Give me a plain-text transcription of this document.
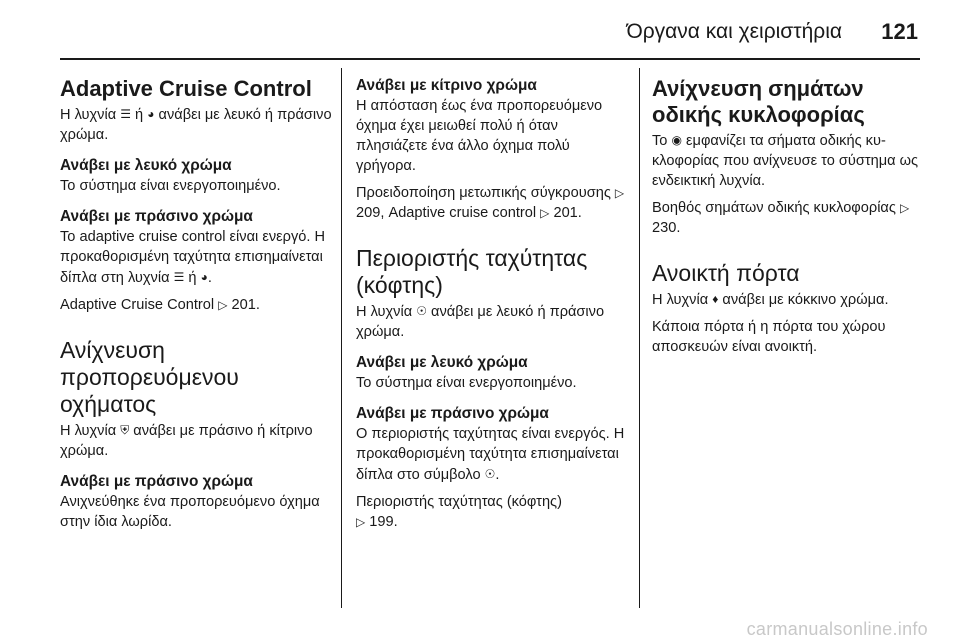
Όργανα και χειριστήρια 121
Adaptive Cruise Control

Η λυχνία ☰ ή ◕ ανάβει με λευκό ή πράσινο χρώμα.

Ανάβει με λευκό χρώμα

Το σύστημα είναι ενεργοποιημένο.

Ανάβει με πράσινο χρώμα

Το adaptive cruise control είναι ενεργό. Η προκαθορισμένη ταχύτητα επισημαίνεται δίπλα στη λυχνία ☰ ή ◕.

Adaptive Cruise Control ▷ 201.

Ανίχνευση προπορευόμενου οχήματος

Η λυχνία ⛨ ανάβει με πράσινο ή κίτρινο χρώμα.

Ανάβει με πράσινο χρώμα

Ανιχνεύθηκε ένα προπορευόμενο όχημα στην ίδια λωρίδα.

Ανάβει με κίτρινο χρώμα

Η απόσταση έως ένα προπορευόμενο όχημα έχει μειωθεί πολύ ή όταν πλησιάζετε ένα άλλο όχημα πολύ γρήγορα.

Προειδοποίηση μετωπικής σύγκρουσης ▷ 209, Adaptive cruise control ▷ 201.

Περιοριστής ταχύτητας (κόφτης)

Η λυχνία ☉ ανάβει με λευκό ή πράσινο χρώμα.

Ανάβει με λευκό χρώμα

Το σύστημα είναι ενεργοποιημένο.

Ανάβει με πράσινο χρώμα

Ο περιοριστής ταχύτητας είναι ενεργός. Η προκαθορισμένη ταχύτητα επισημαίνεται δίπλα στο σύμβολο ☉.

Περιοριστής ταχύτητας (κόφτης)
▷ 199.

Ανίχνευση σημάτων οδικής κυκλοφορίας

Το ◉ εμφανίζει τα σήματα οδικής κυκλοφορίας που ανίχνευσε το σύστημα ως ενδεικτική λυχνία.

Βοηθός σημάτων οδικής κυκλοφορίας ▷ 230.

Ανοικτή πόρτα

Η λυχνία ♦ ανάβει με κόκκινο χρώμα.

Κάποια πόρτα ή η πόρτα του χώρου αποσκευών είναι ανοικτή.

carmanualsonline.info
